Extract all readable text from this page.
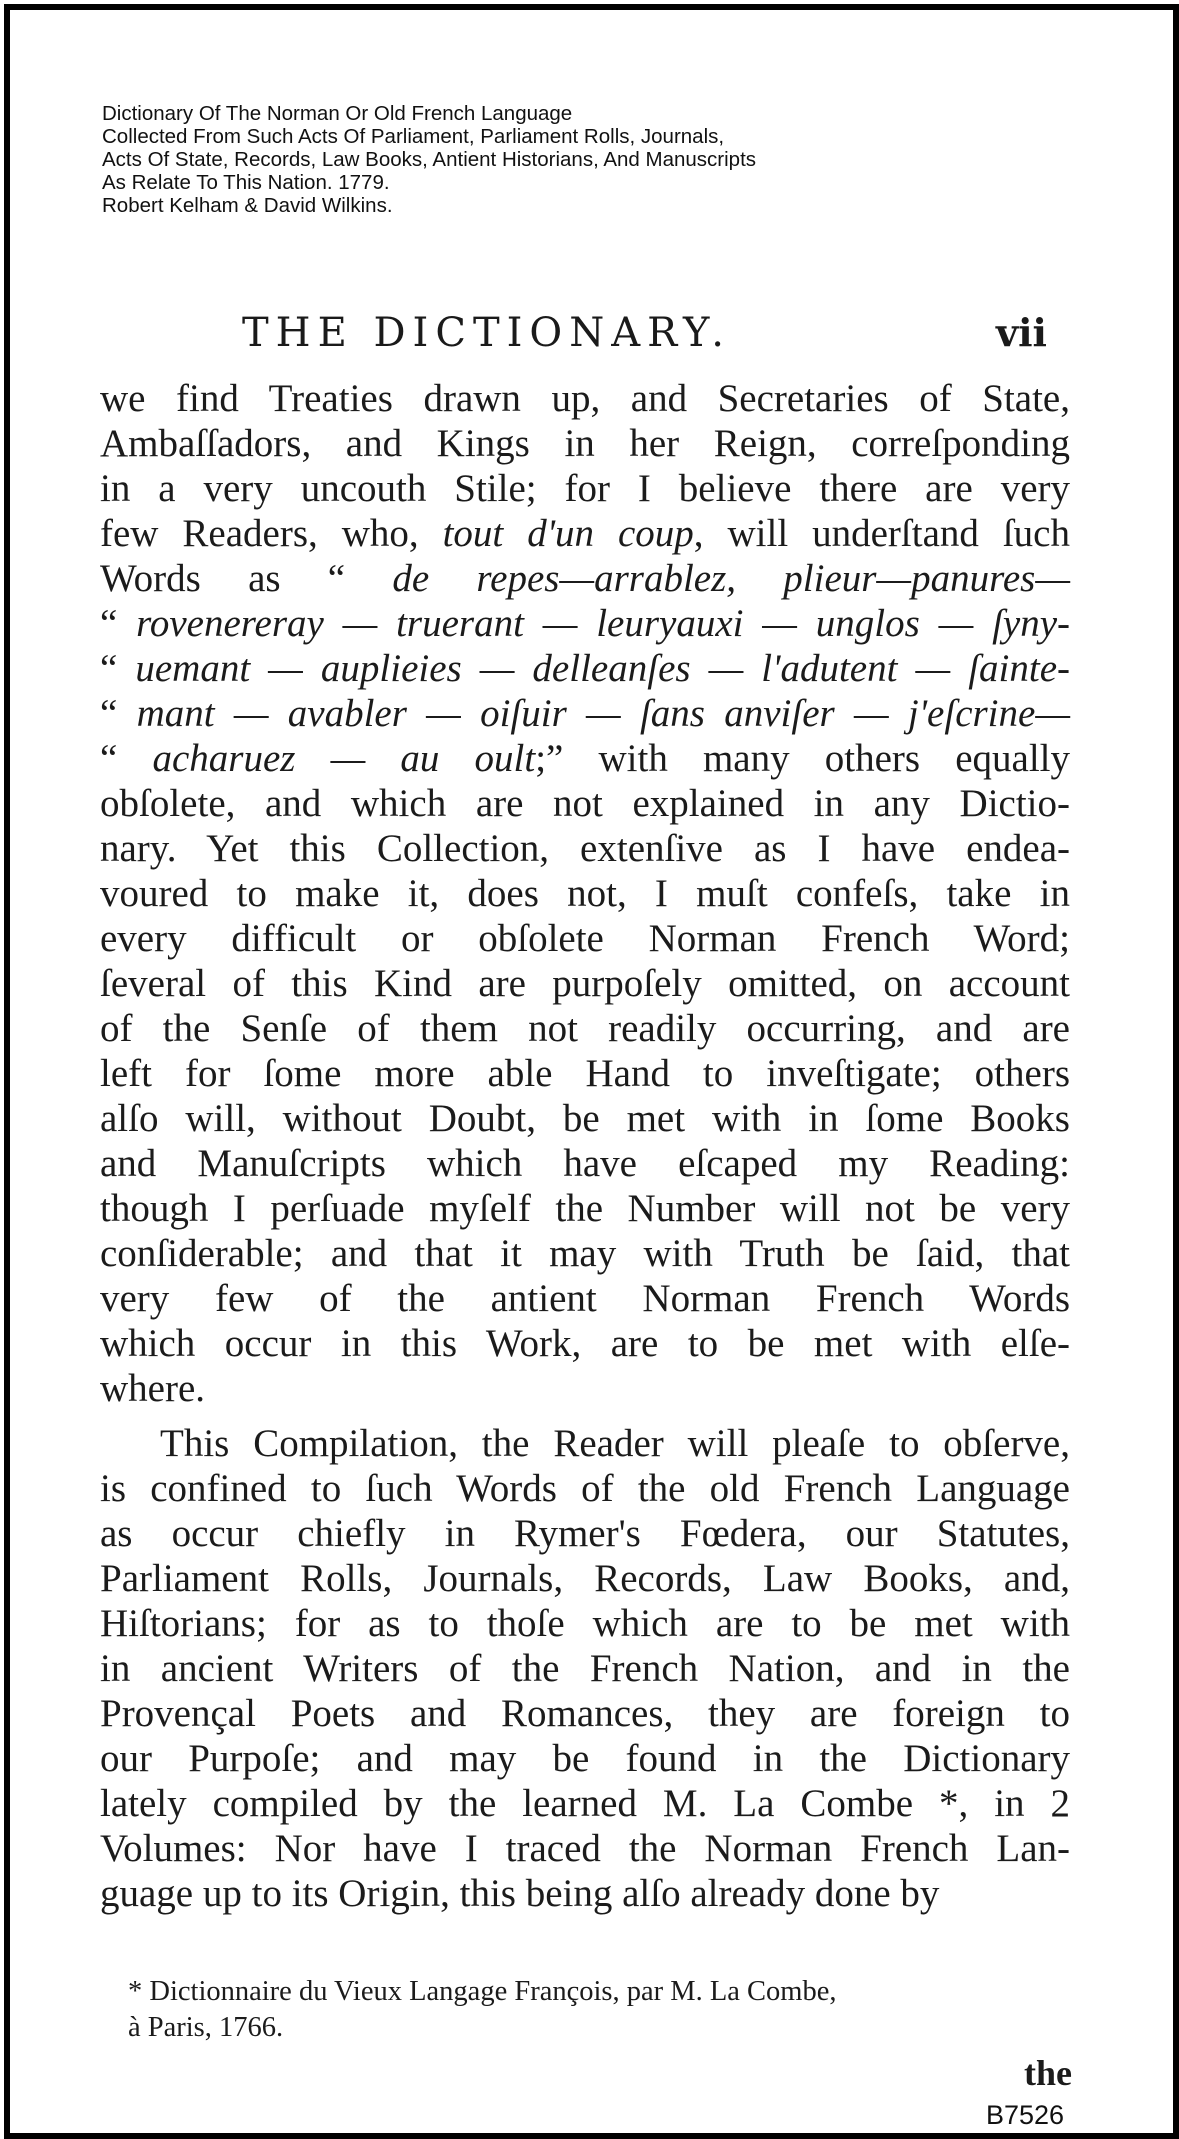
Dictionary Of The Norman Or Old French Language
Collected From Such Acts Of Parliament, Parliament Rolls, Journals,
Acts Of State, Records, Law Books, Antient Historians, And Manuscripts
As Relate To This Nation. 1779.
Robert Kelham & David Wilkins.
THE DICTIONARY.	vii
we find Treaties drawn up, and Secretaries of State,
Ambaſſadors, and Kings in her Reign, correſponding
in a very uncouth Stile; for I believe there are very
few Readers, who, tout d'un coup, will underſtand ſuch
Words as “ de repes—arrablez, plieur—panures—
“ rovenereray — truerant — leuryauxi — unglos — ſyny-
“ uemant — auplieies — delleanſes — l'adutent — ſainte-
“ mant — avabler — oiſuir — ſans anviſer — j'eſcrine—
“ acharuez — au oult;” with many others equally
obſolete, and which are not explained in any Dictio-
nary. Yet this Collection, extenſive as I have endea-
voured to make it, does not, I muſt confeſs, take in
every difficult or obſolete Norman French Word;
ſeveral of this Kind are purpoſely omitted, on account
of the Senſe of them not readily occurring, and are
left for ſome more able Hand to inveſtigate; others
alſo will, without Doubt, be met with in ſome Books
and Manuſcripts which have eſcaped my Reading:
though I perſuade myſelf the Number will not be very
conſiderable; and that it may with Truth be ſaid, that
very few of the antient Norman French Words
which occur in this Work, are to be met with elſe-
where.
This Compilation, the Reader will pleaſe to obſerve,
is confined to ſuch Words of the old French Language
as occur chiefly in Rymer's Fœdera, our Statutes,
Parliament Rolls, Journals, Records, Law Books, and,
Hiſtorians; for as to thoſe which are to be met with
in ancient Writers of the French Nation, and in the
Provençal Poets and Romances, they are foreign to
our Purpoſe; and may be found in the Dictionary
lately compiled by the learned M. La Combe *, in 2
Volumes: Nor have I traced the Norman French Lan-
guage up to its Origin, this being alſo already done by
* Dictionnaire du Vieux Langage François, par M. La Combe,
à Paris, 1766.
the
B7526
